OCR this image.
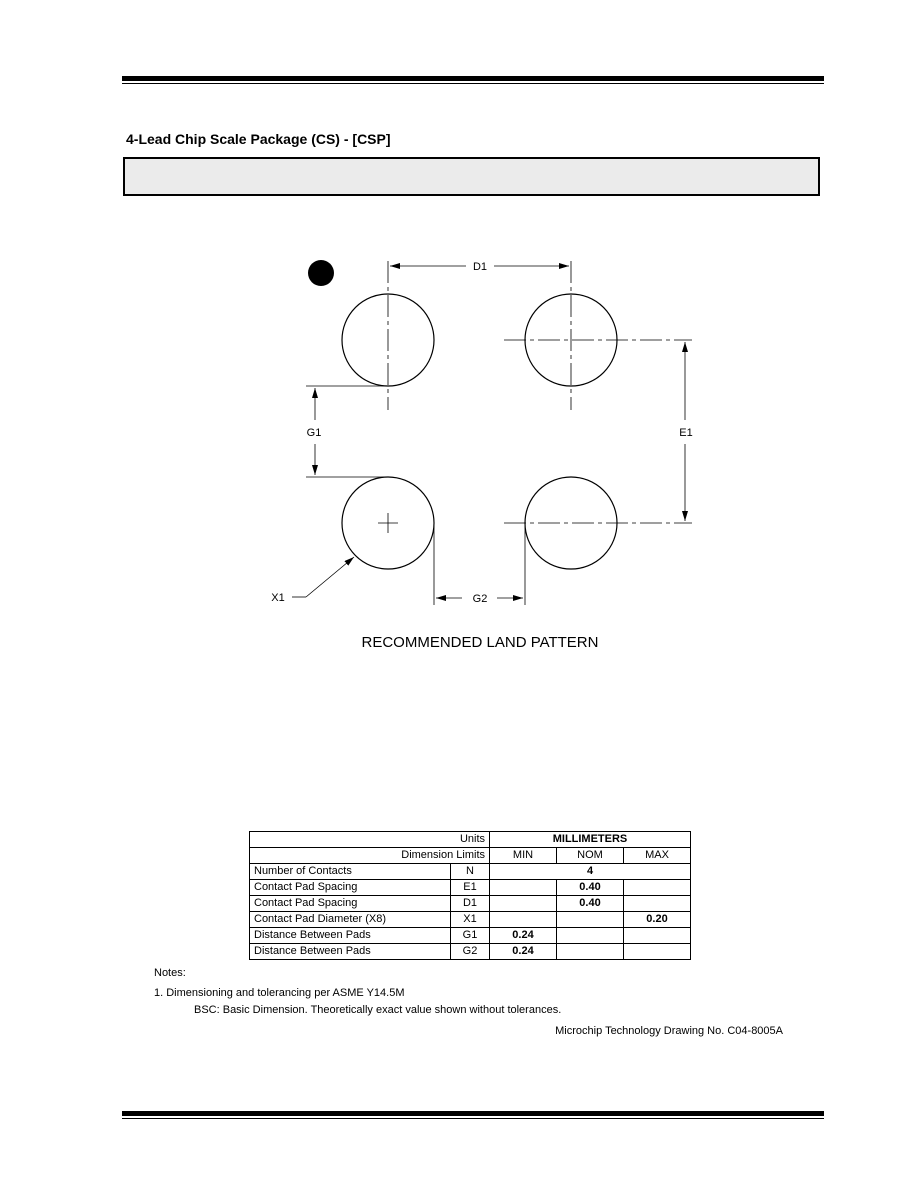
4-Lead Chip Scale Package (CS) - [CSP]
D1
E1
G1
G2
X1
RECOMMENDED LAND PATTERN
Units		MILLIMETERS		
Dimension Limits		MIN	NOM	MAX
Number of Contacts	N	4		
Contact Pad Spacing	E1		0.40	
Contact Pad Spacing	D1		0.40	
Contact Pad Diameter (X8)	X1			0.20
Distance Between Pads	G1	0.24		
Distance Between Pads	G2	0.24		
Notes:
1. Dimensioning and tolerancing per ASME Y14.5M
BSC: Basic Dimension. Theoretically exact value shown without tolerances.
Microchip Technology Drawing No. C04-8005A
